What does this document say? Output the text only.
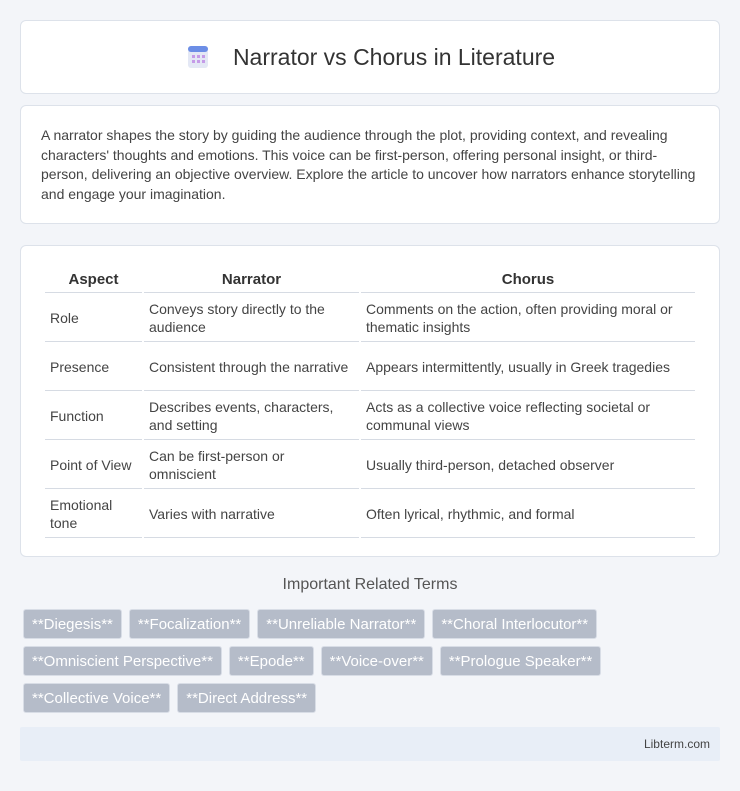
Narrator vs Chorus in Literature

A narrator shapes the story by guiding the audience through the plot, providing context, and revealing characters' thoughts and emotions. This voice can be first-person, offering personal insight, or third-person, delivering an objective overview. Explore the article to uncover how narrators enhance storytelling and engage your imagination.

Aspect	Narrator	Chorus
Role	Conveys story directly to the audience	Comments on the action, often providing moral or thematic insights
Presence	Consistent through the narrative	Appears intermittently, usually in Greek tragedies
Function	Describes events, characters, and setting	Acts as a collective voice reflecting societal or communal views
Point of View	Can be first-person or omniscient	Usually third-person, detached observer
Emotional tone	Varies with narrative	Often lyrical, rhythmic, and formal
Important Related Terms
**Diegesis**	**Focalization**	**Unreliable Narrator**	**Choral Interlocutor**
**Omniscient Perspective**	**Epode**	**Voice-over**	**Prologue Speaker**
**Collective Voice**	**Direct Address**
Libterm.com
